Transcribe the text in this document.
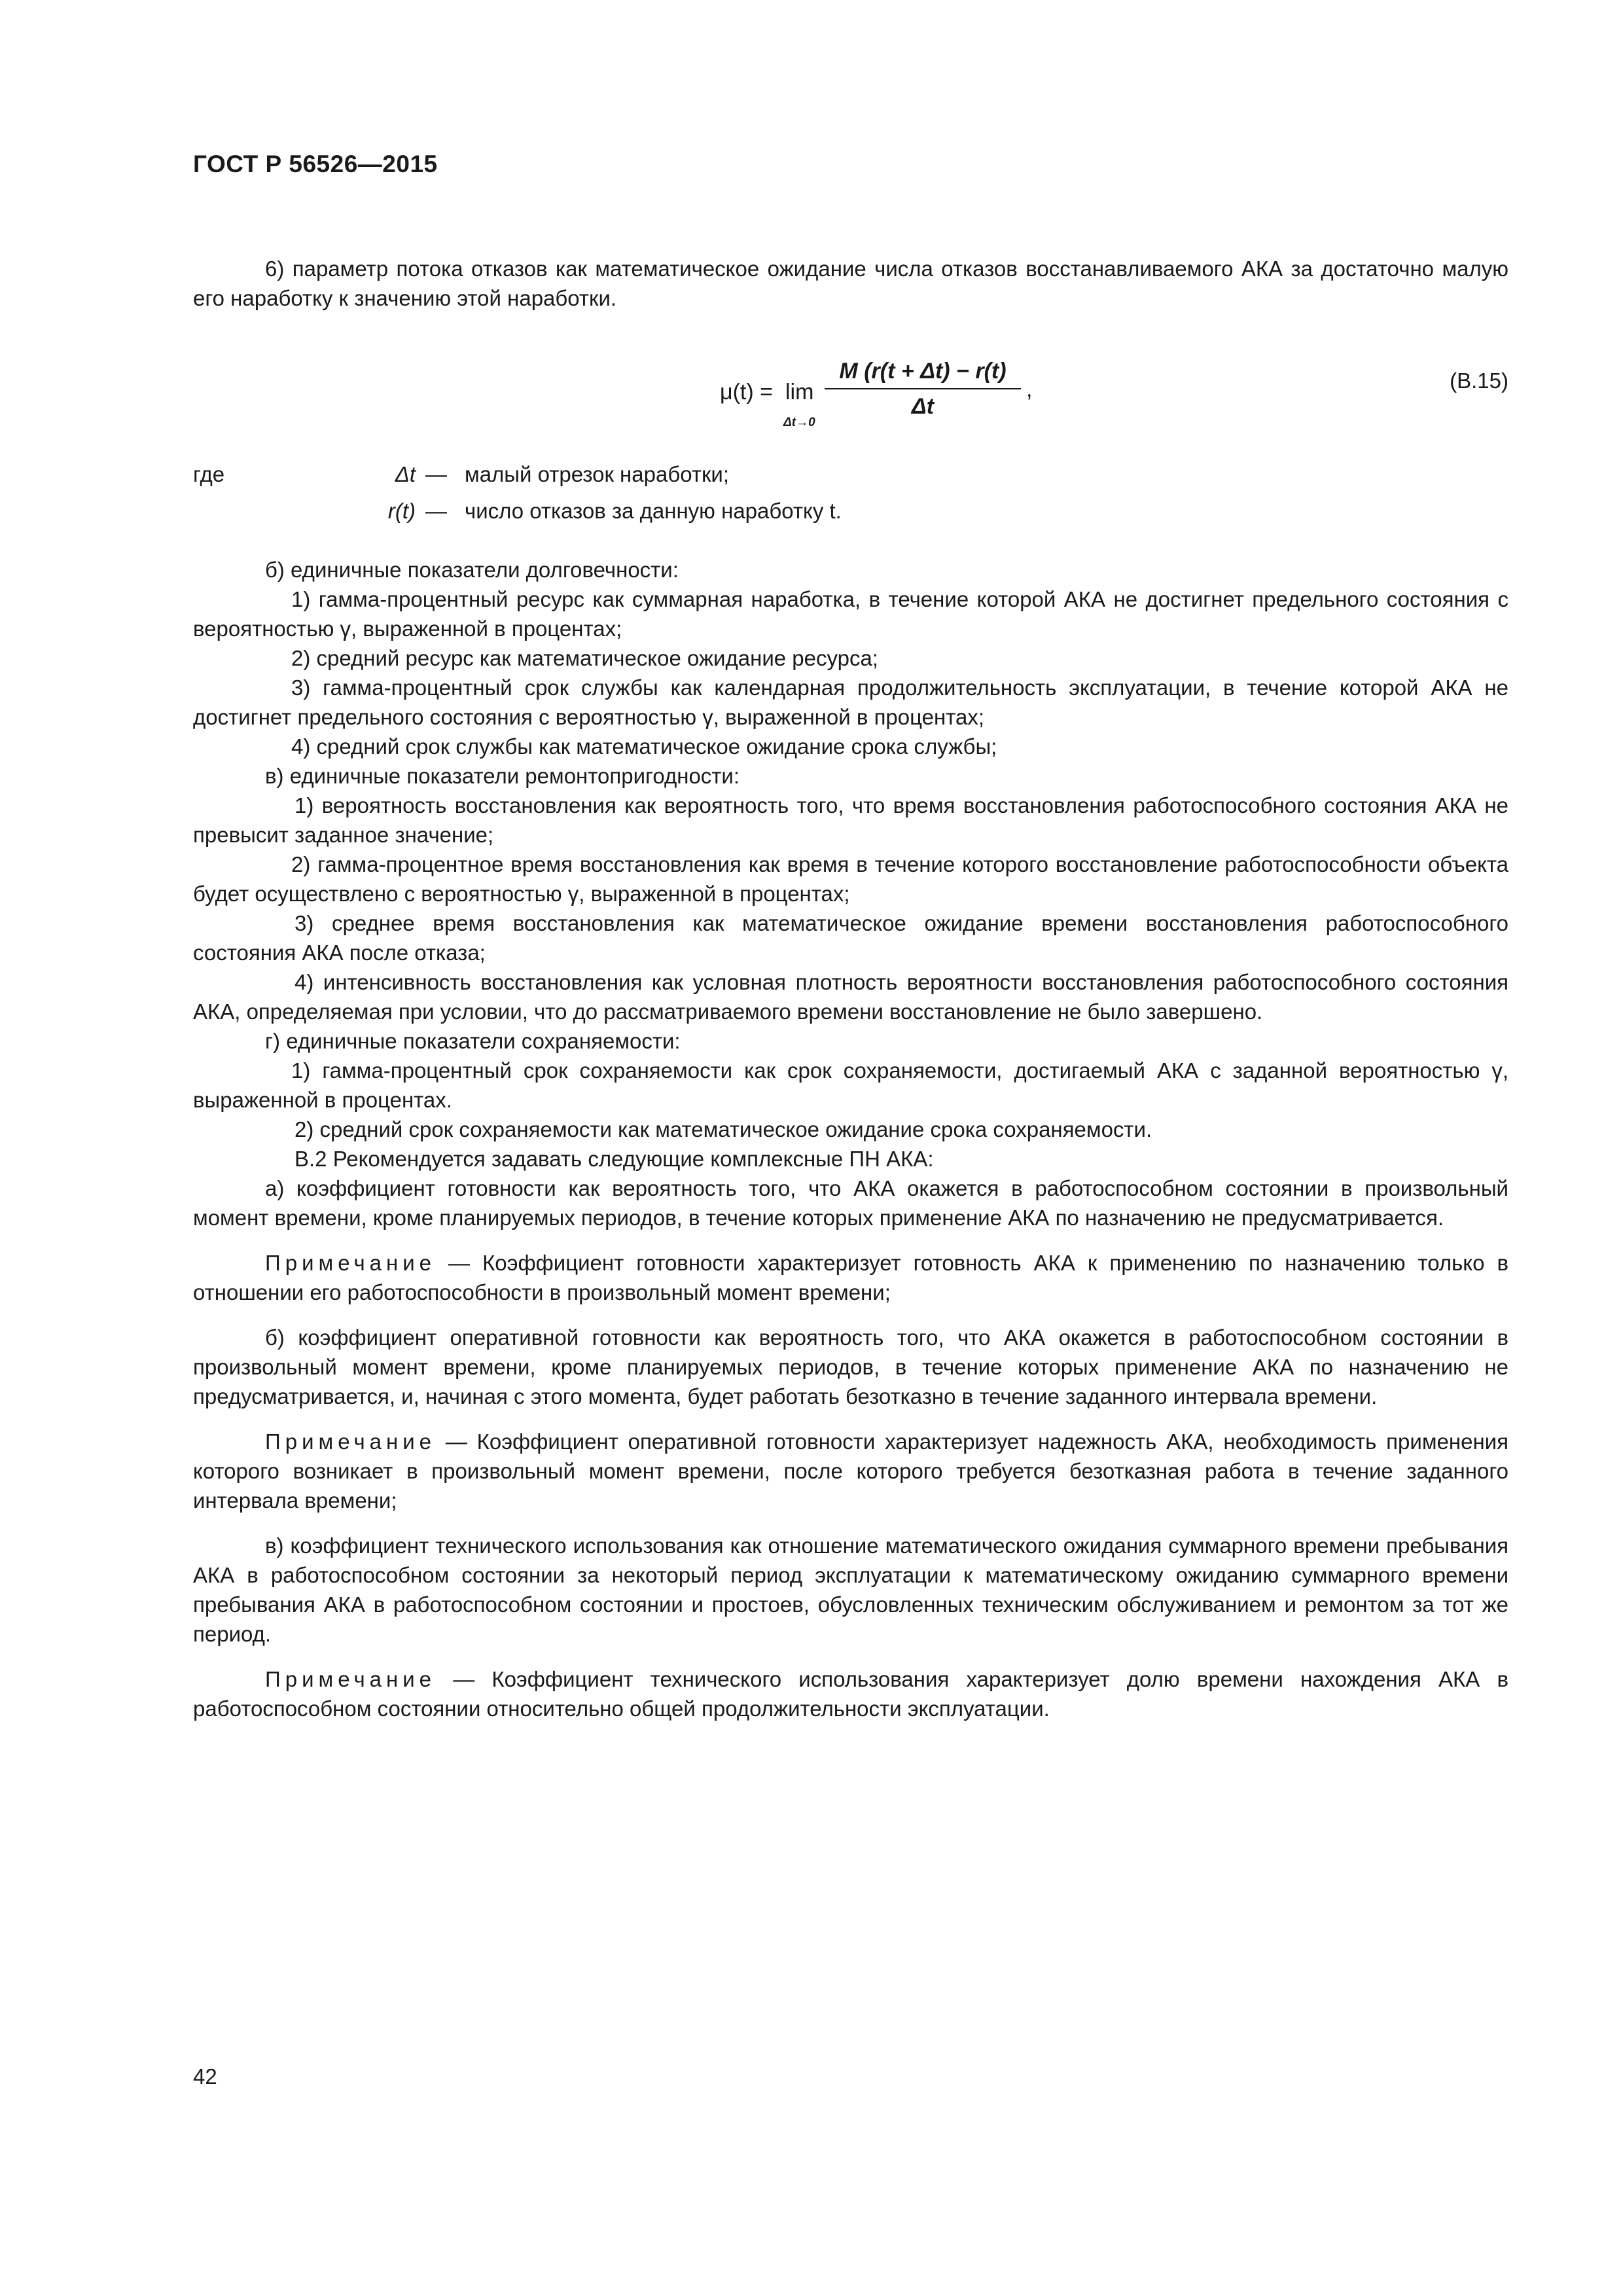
ГОСТ Р 56526—2015

6) параметр потока отказов как математическое ожидание числа отказов восстанавливаемого АКА за достаточно малую его наработку к значению этой наработки.

μ(t) = lim
Δt→0
M (r(t + Δt) − r(t)
Δt
,	(В.15)
где	Δt — малый отрезок наработки;
r(t) — число отказов за данную наработку t.

б) единичные показатели долговечности:

1) гамма-процентный ресурс как суммарная наработка, в течение которой АКА не достигнет предельного состояния с вероятностью γ, выраженной в процентах;

2) средний ресурс как математическое ожидание ресурса;

3) гамма-процентный срок службы как календарная продолжительность эксплуатации, в течение которой АКА не достигнет предельного состояния с вероятностью γ, выраженной в процентах;

4) средний срок службы как математическое ожидание срока службы;

в) единичные показатели ремонтопригодности:

1) вероятность восстановления как вероятность того, что время восстановления работоспособного состояния АКА не превысит заданное значение;

2) гамма-процентное время восстановления как время в течение которого восстановление работоспособности объекта будет осуществлено с вероятностью γ, выраженной в процентах;

3) среднее время восстановления как математическое ожидание времени восстановления работоспособного состояния АКА после отказа;

4) интенсивность восстановления как условная плотность вероятности восстановления работоспособного состояния АКА, определяемая при условии, что до рассматриваемого времени восстановление не было завершено.

г) единичные показатели сохраняемости:

1) гамма-процентный срок сохраняемости как срок сохраняемости, достигаемый АКА с заданной вероятностью γ, выраженной в процентах.

2) средний срок сохраняемости как математическое ожидание срока сохраняемости.

В.2 Рекомендуется задавать следующие комплексные ПН АКА:

а) коэффициент готовности как вероятность того, что АКА окажется в работоспособном состоянии в произвольный момент времени, кроме планируемых периодов, в течение которых применение АКА по назначению не предусматривается.

Примечание — Коэффициент готовности характеризует готовность АКА к применению по назначению только в отношении его работоспособности в произвольный момент времени;

б) коэффициент оперативной готовности как вероятность того, что АКА окажется в работоспособном состоянии в произвольный момент времени, кроме планируемых периодов, в течение которых применение АКА по назначению не предусматривается, и, начиная с этого момента, будет работать безотказно в течение заданного интервала времени.

Примечание — Коэффициент оперативной готовности характеризует надежность АКА, необходимость применения которого возникает в произвольный момент времени, после которого требуется безотказная работа в течение заданного интервала времени;

в) коэффициент технического использования как отношение математического ожидания суммарного времени пребывания АКА в работоспособном состоянии за некоторый период эксплуатации к математическому ожиданию суммарного времени пребывания АКА в работоспособном состоянии и простоев, обусловленных техническим обслуживанием и ремонтом за тот же период.

Примечание — Коэффициент технического использования характеризует долю времени нахождения АКА в работоспособном состоянии относительно общей продолжительности эксплуатации.

42
